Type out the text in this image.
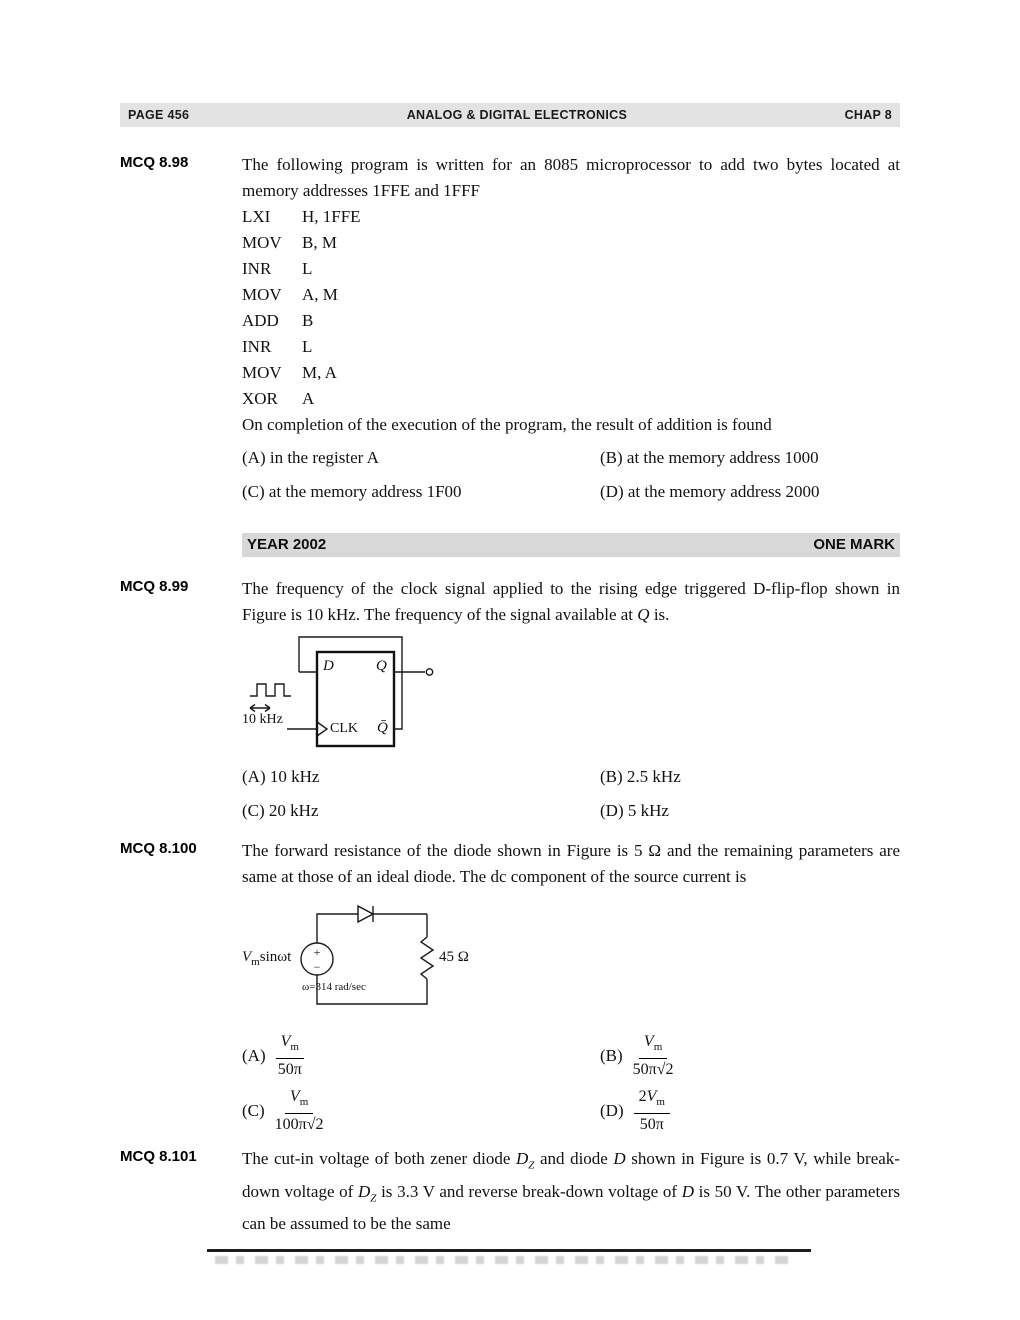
PAGE 456	ANALOG & DIGITAL ELECTRONICS	CHAP 8
MCQ 8.98	The following program is written for an 8085 microprocessor to add two bytes located at memory addresses 1FFE and 1FFF

LXI H, 1FFE
MOV B, M
INR L
MOV A, M
ADD B
INR L
MOV M, A
XOR A

On completion of the execution of the program, the result of addition is found

(A) in the register A	(B) at the memory address 1000
(C) at the memory address 1F00	(D) at the memory address 2000
YEAR 2002	ONE MARK
MCQ 8.99	The frequency of the clock signal applied to the rising edge triggered D-flip-flop shown in Figure is 10 kHz. The frequency of the signal available at Q is.

D	Q
CLK Q̄
10 kHz
(A) 10 kHz	(B) 2.5 kHz
(C) 20 kHz	(D) 5 kHz
MCQ 8.100	The forward resistance of the diode shown in Figure is 5 Ω and the remaining parameters are same at those of an ideal diode. The dc component of the source current is

+
−
$V_m\sin\omega t$
ω=314 rad/sec
45 Ω
$(A) \frac{V_m}{50\pi}$	$(B) \frac{V_m}{50\pi√2}$
$(C) \frac{V_m}{100\pi√2}$	$(D) \frac{2V_m}{50\pi}$
MCQ 8.101	The cut-in voltage of both zener diode $D_Z$ and diode D shown in Figure is 0.7 V, while break-down voltage of $D_Z$ is 3.3 V and reverse break-down voltage of D is 50 V. The other parameters can be assumed to be the same
